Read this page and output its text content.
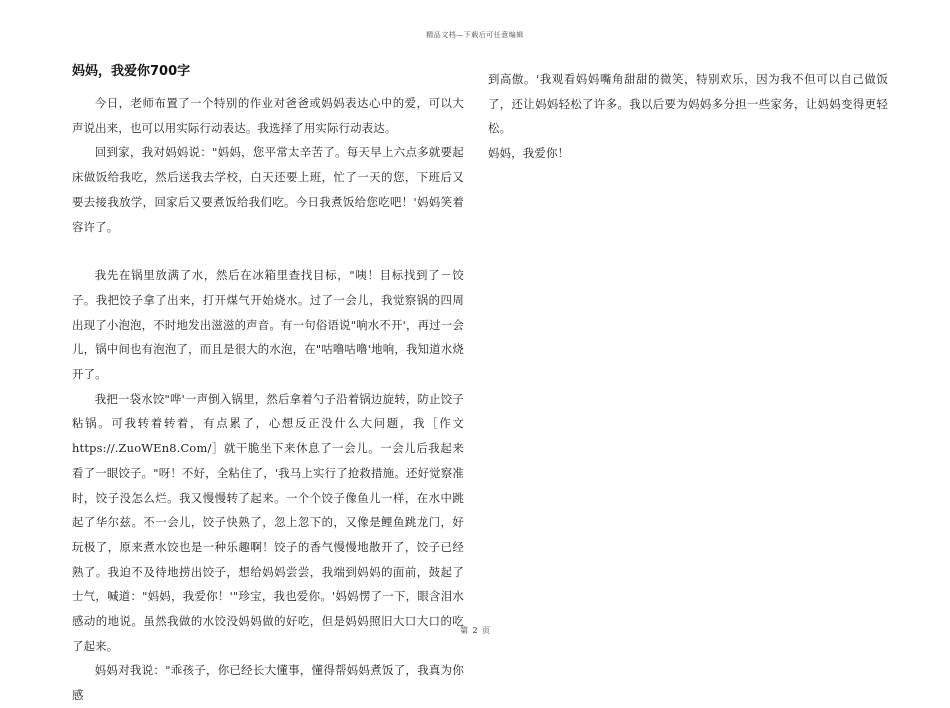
精品文档—下载后可任意编辑
妈妈，我爱你700字

今日，老师布置了一个特别的作业对爸爸或妈妈表达心中的爱，可以大声说出来，也可以用实际行动表达。我选择了用实际行动表达。

回到家，我对妈妈说："妈妈，您平常太辛苦了。每天早上六点多就要起床做饭给我吃，然后送我去学校，白天还要上班，忙了一天的您，下班后又要去接我放学，回家后又要煮饭给我们吃。今日我煮饭给您吃吧！'妈妈笑着容许了。

我先在锅里放满了水，然后在冰箱里查找目标，"咦！目标找到了－饺子。我把饺子拿了出来，打开煤气开始烧水。过了一会儿，我觉察锅的四周出现了小泡泡，不时地发出滋滋的声音。有一句俗语说"响水不开'，再过一会儿，锅中间也有泡泡了，而且是很大的水泡，在"咕噜咕噜'地响，我知道水烧开了。

我把一袋水饺"哗'一声倒入锅里，然后拿着勺子沿着锅边旋转，防止饺子粘锅。可我转着转着，有点累了，心想反正没什么大问题，我［作文https://.ZuoWEn8.Com/］就干脆坐下来休息了一会儿。一会儿后我起来看了一眼饺子。"呀！不好，全粘住了，'我马上实行了抢救措施。还好觉察准时，饺子没怎么烂。我又慢慢转了起来。一个个饺子像鱼儿一样，在水中跳起了华尔兹。不一会儿，饺子快熟了，忽上忽下的，又像是鲤鱼跳龙门，好玩极了，原来煮水饺也是一种乐趣啊！饺子的香气慢慢地散开了，饺子已经熟了。我迫不及待地捞出饺子，想给妈妈尝尝，我端到妈妈的面前，鼓起了士气，喊道："妈妈，我爱你！'"珍宝，我也爱你。'妈妈愣了一下，眼含泪水感动的地说。虽然我做的水饺没妈妈做的好吃，但是妈妈照旧大口大口的吃了起来。

妈妈对我说："乖孩子，你已经长大懂事，懂得帮妈妈煮饭了，我真为你感

到高傲。'我观看妈妈嘴角甜甜的微笑，特别欢乐，因为我不但可以自己做饭了，还让妈妈轻松了许多。我以后要为妈妈多分担一些家务，让妈妈变得更轻松。

妈妈，我爱你！

第 2 页
